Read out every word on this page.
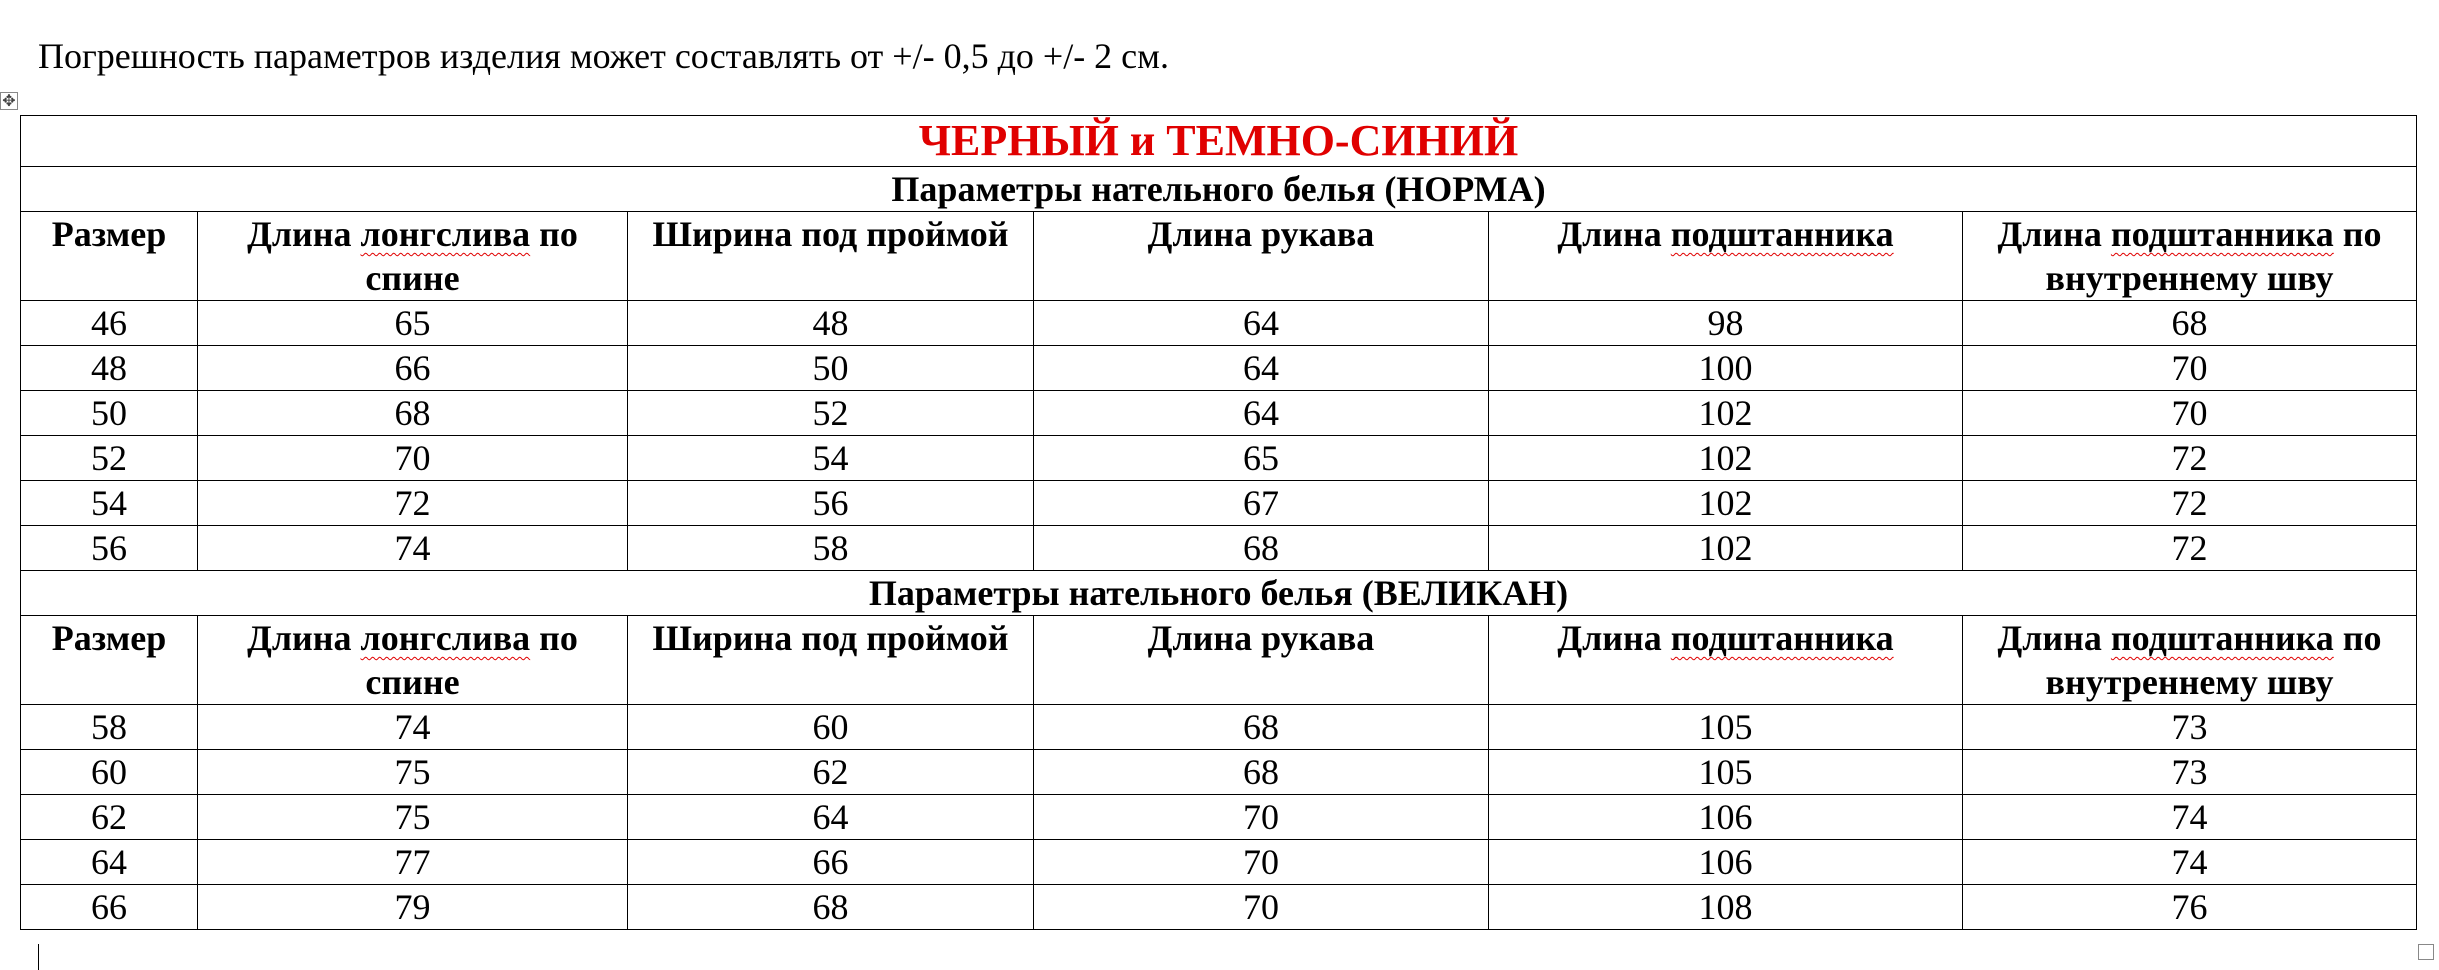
Погрешность параметров изделия может составлять от +/- 0,5 до +/- 2 см.
✥
ЧЕРНЫЙ и ТЕМНО-СИНИЙ					
Параметры нательного белья (НОРМА)					
Размер	Длина лонгслива по спине	Ширина под проймой	Длина рукава	Длина подштанника	Длина подштанника по внутреннему шву
46	65	48	64	98	68
48	66	50	64	100	70
50	68	52	64	102	70
52	70	54	65	102	72
54	72	56	67	102	72
56	74	58	68	102	72
Параметры нательного белья (ВЕЛИКАН)					
Размер	Длина лонгслива по спине	Ширина под проймой	Длина рукава	Длина подштанника	Длина подштанника по внутреннему шву
58	74	60	68	105	73
60	75	62	68	105	73
62	75	64	70	106	74
64	77	66	70	106	74
66	79	68	70	108	76
